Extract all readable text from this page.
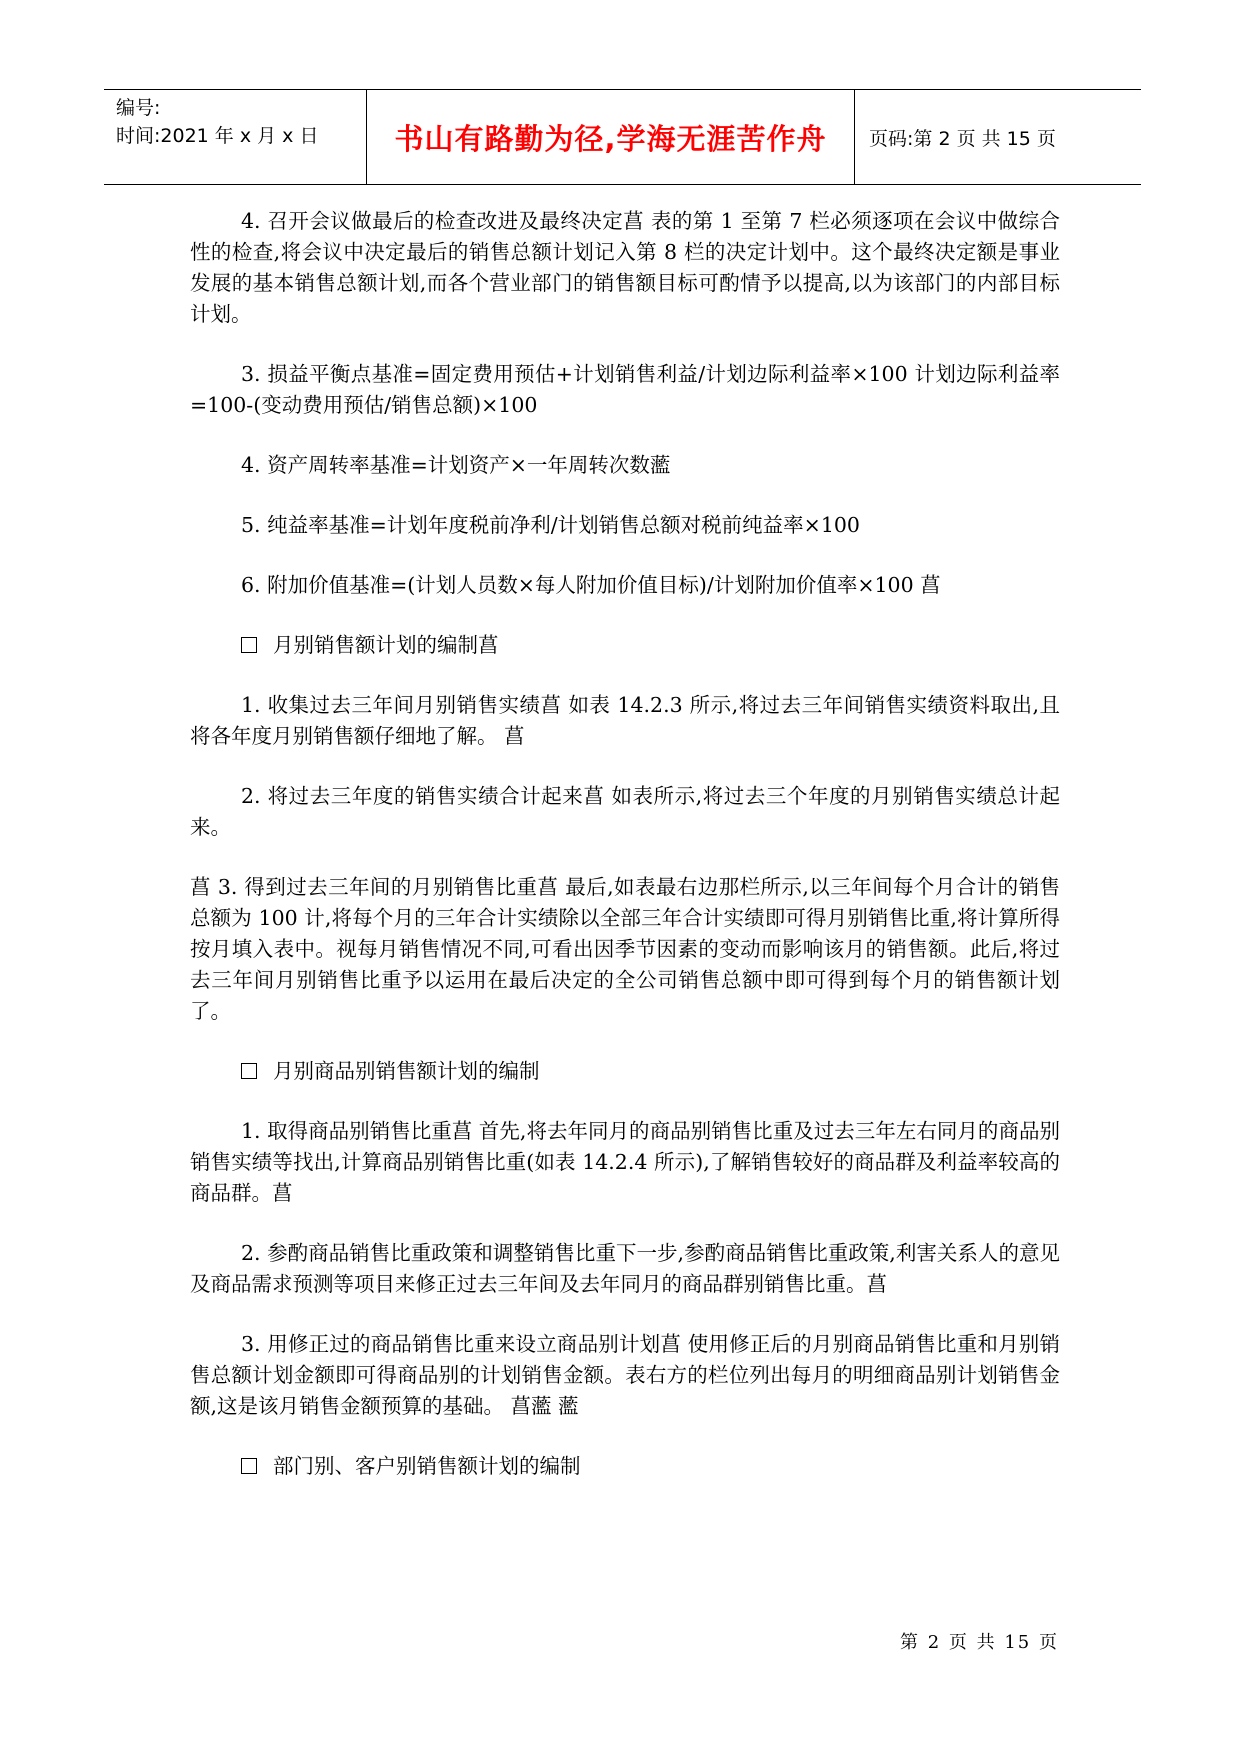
编号:
时间:2021 年 x 月 x 日	书山有路勤为径,学海无涯苦作舟	页码:第 2 页 共 15 页

4. 召开会议做最后的检查改进及最终决定菖 表的第 1 至第 7 栏必须逐项在会议中做综合性的检查,将会议中决定最后的销售总额计划记入第 8 栏的决定计划中。这个最终决定额是事业发展的基本销售总额计划,而各个营业部门的销售额目标可酌情予以提高,以为该部门的内部目标计划。

3. 损益平衡点基准=固定费用预估+计划销售利益/计划边际利益率×100 计划边际利益率=100-(变动费用预估/销售总额)×100

4. 资产周转率基准=计划资产×一年周转次数蘫

5. 纯益率基准=计划年度税前净利/计划销售总额对税前纯益率×100

6. 附加价值基准=(计划人员数×每人附加价值目标)/计划附加价值率×100 菖

月别销售额计划的编制菖

1. 收集过去三年间月别销售实绩菖 如表 14.2.3 所示,将过去三年间销售实绩资料取出,且将各年度月别销售额仔细地了解。 菖

2. 将过去三年度的销售实绩合计起来菖 如表所示,将过去三个年度的月别销售实绩总计起来。

菖 3. 得到过去三年间的月别销售比重菖 最后,如表最右边那栏所示,以三年间每个月合计的销售总额为 100 计,将每个月的三年合计实绩除以全部三年合计实绩即可得月别销售比重,将计算所得按月填入表中。视每月销售情况不同,可看出因季节因素的变动而影响该月的销售额。此后,将过去三年间月别销售比重予以运用在最后决定的全公司销售总额中即可得到每个月的销售额计划了。

月别商品别销售额计划的编制

1. 取得商品别销售比重菖 首先,将去年同月的商品别销售比重及过去三年左右同月的商品别销售实绩等找出,计算商品别销售比重(如表 14.2.4 所示),了解销售较好的商品群及利益率较高的商品群。菖

2. 参酌商品销售比重政策和调整销售比重下一步,参酌商品销售比重政策,利害关系人的意见及商品需求预测等项目来修正过去三年间及去年同月的商品群别销售比重。菖

3. 用修正过的商品销售比重来设立商品别计划菖 使用修正后的月别商品销售比重和月别销售总额计划金额即可得商品别的计划销售金额。表右方的栏位列出每月的明细商品别计划销售金额,这是该月销售金额预算的基础。 菖蘫 蘫

部门别、客户别销售额计划的编制

第 2 页 共 15 页
